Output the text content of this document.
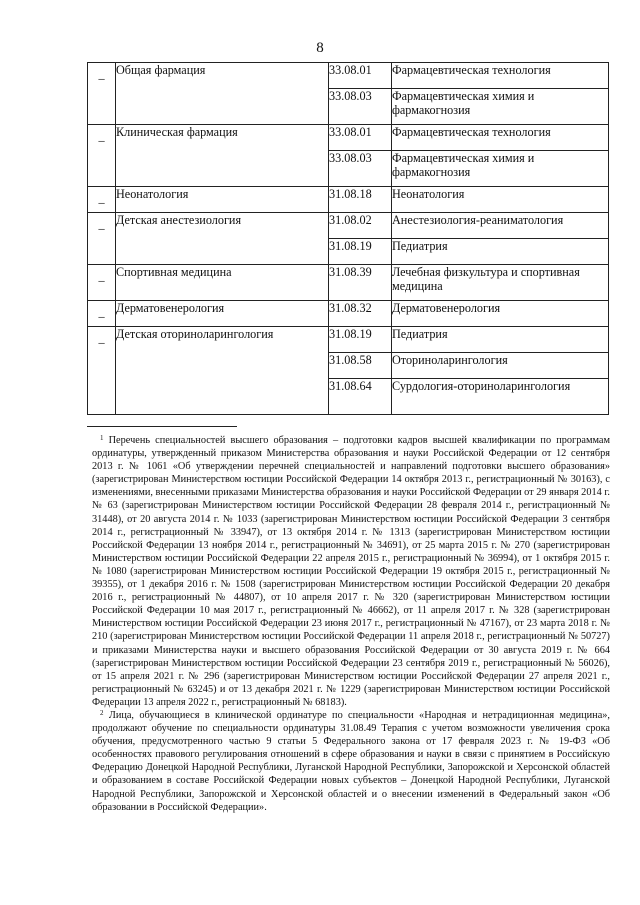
8
_	Общая фармация	33.08.01	Фармацевтическая технология
		33.08.03	Фармацевтическая химия и фармакогнозия
_	Клиническая фармация	33.08.01	Фармацевтическая технология
		33.08.03	Фармацевтическая химия и фармакогнозия
_	Неонатология	31.08.18	Неонатология
_	Детская анестезиология	31.08.02	Анестезиология-реаниматология
		31.08.19	Педиатрия
_	Спортивная медицина	31.08.39	Лечебная физкультура и спортивная медицина
_	Дерматовенерология	31.08.32	Дерматовенерология
_	Детская оториноларингология	31.08.19	Педиатрия
		31.08.58	Оториноларингология
		31.08.64	Сурдология-оториноларингология

$^1$ Перечень специальностей высшего образования – подготовки кадров высшей квалификации по программам ординатуры, утвержденный приказом Министерства образования и науки Российской Федерации от 12 сентября 2013 г. № 1061 «Об утверждении перечней специальностей и направлений подготовки высшего образования» (зарегистрирован Министерством юстиции Российской Федерации 14 октября 2013 г., регистрационный № 30163), с изменениями, внесенными приказами Министерства образования и науки Российской Федерации от 29 января 2014 г. № 63 (зарегистрирован Министерством юстиции Российской Федерации 28 февраля 2014 г., регистрационный № 31448), от 20 августа 2014 г. № 1033 (зарегистрирован Министерством юстиции Российской Федерации 3 сентября 2014 г., регистрационный № 33947), от 13 октября 2014 г. № 1313 (зарегистрирован Министерством юстиции Российской Федерации 13 ноября 2014 г., регистрационный № 34691), от 25 марта 2015 г. № 270 (зарегистрирован Министерством юстиции Российской Федерации 22 апреля 2015 г., регистрационный № 36994), от 1 октября 2015 г. № 1080 (зарегистрирован Министерством юстиции Российской Федерации 19 октября 2015 г., регистрационный № 39355), от 1 декабря 2016 г. № 1508 (зарегистрирован Министерством юстиции Российской Федерации 20 декабря 2016 г., регистрационный № 44807), от 10 апреля 2017 г. № 320 (зарегистрирован Министерством юстиции Российской Федерации 10 мая 2017 г., регистрационный № 46662), от 11 апреля 2017 г. № 328 (зарегистрирован Министерством юстиции Российской Федерации 23 июня 2017 г., регистрационный № 47167), от 23 марта 2018 г. № 210 (зарегистрирован Министерством юстиции Российской Федерации 11 апреля 2018 г., регистрационный № 50727) и приказами Министерства науки и высшего образования Российской Федерации от 30 августа 2019 г. № 664 (зарегистрирован Министерством юстиции Российской Федерации 23 сентября 2019 г., регистрационный № 56026), от 15 апреля 2021 г. № 296 (зарегистрирован Министерством юстиции Российской Федерации 27 апреля 2021 г., регистрационный № 63245) и от 13 декабря 2021 г. № 1229 (зарегистрирован Министерством юстиции Российской Федерации 13 апреля 2022 г., регистрационный № 68183).

$^2$ Лица, обучающиеся в клинической ординатуре по специальности «Народная и нетрадиционная медицина», продолжают обучение по специальности ординатуры 31.08.49 Терапия с учетом возможности увеличения срока обучения, предусмотренного частью 9 статьи 5 Федерального закона от 17 февраля 2023 г. № 19-ФЗ «Об особенностях правового регулирования отношений в сфере образования и науки в связи с принятием в Российскую Федерацию Донецкой Народной Республики, Луганской Народной Республики, Запорожской и Херсонской областей и образованием в составе Российской Федерации новых субъектов – Донецкой Народной Республики, Луганской Народной Республики, Запорожской и Херсонской областей и о внесении изменений в Федеральный закон «Об образовании в Российской Федерации».
